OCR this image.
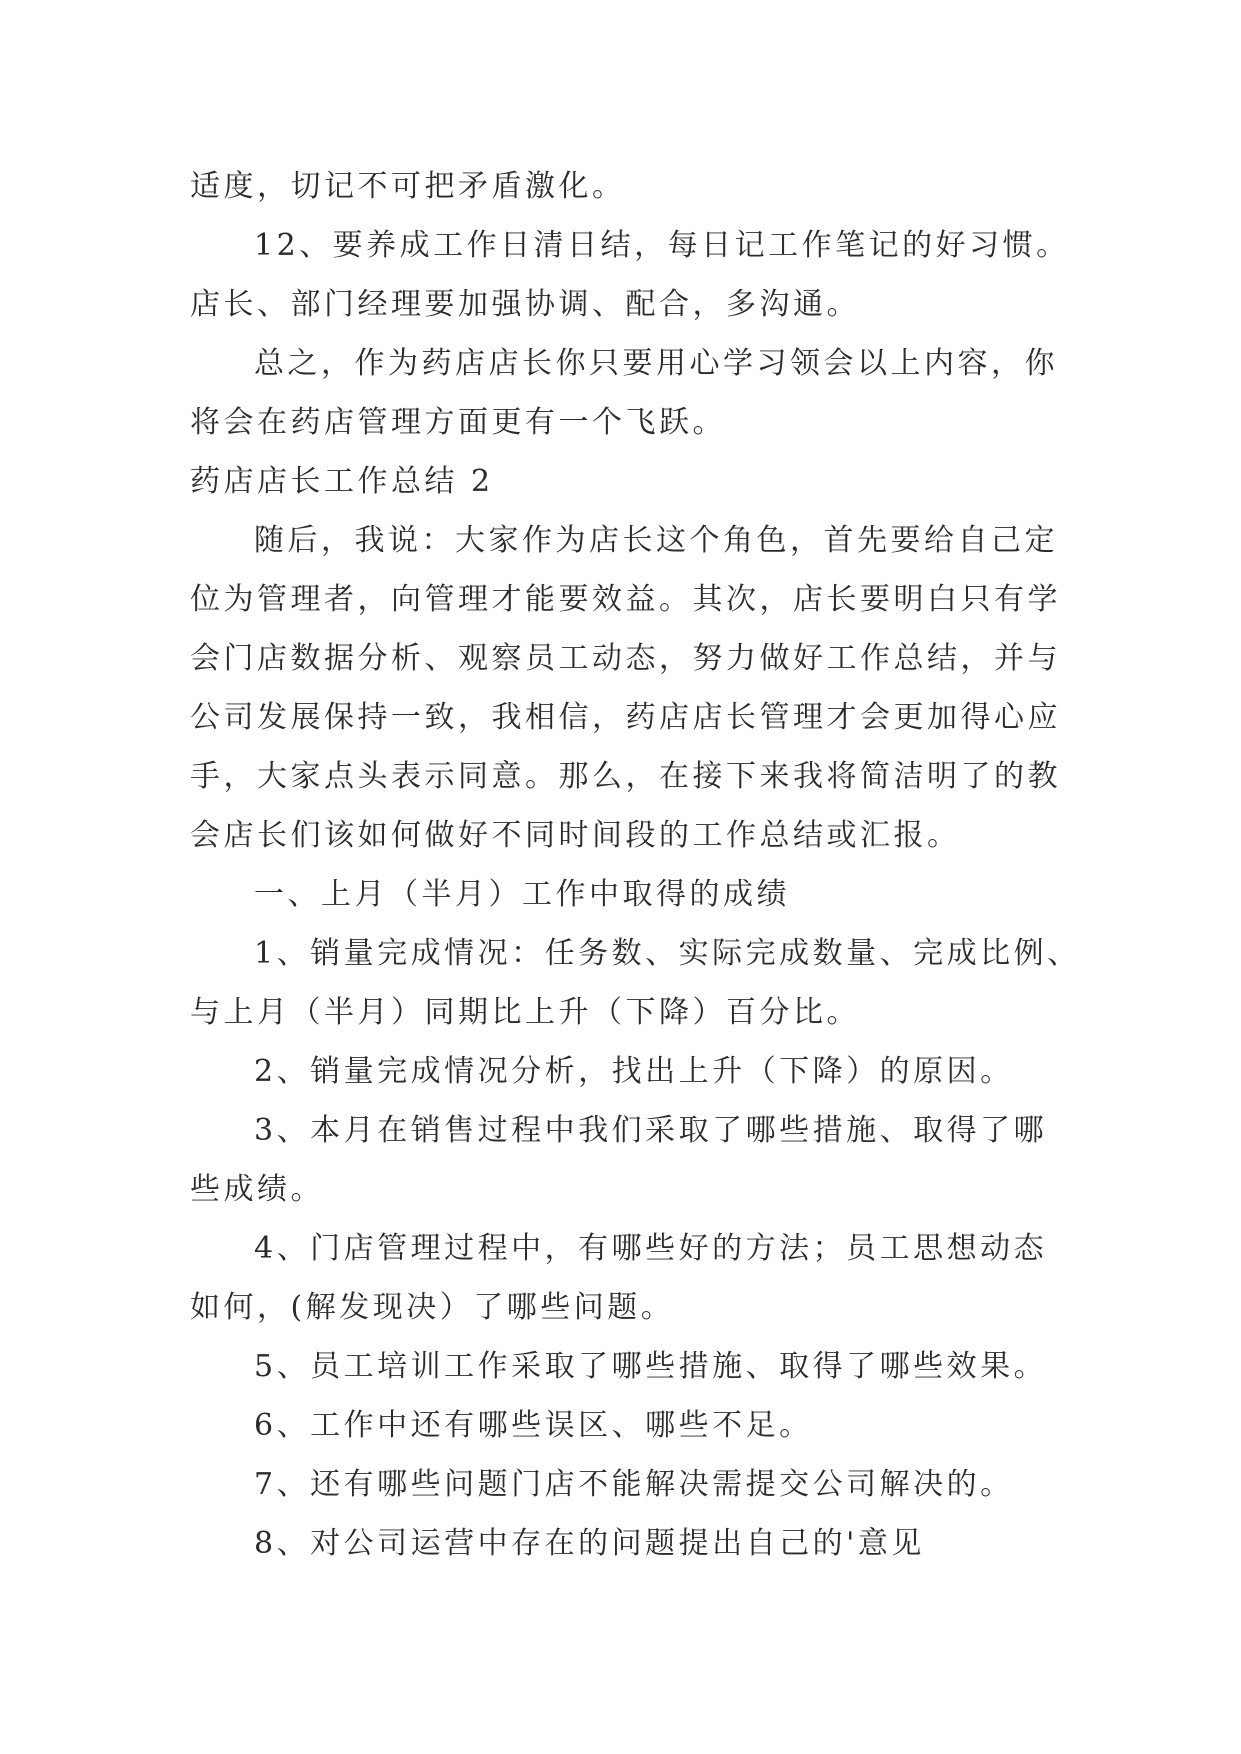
适度，切记不可把矛盾激化。
12、要养成工作日清日结，每日记工作笔记的好习惯。
店长、部门经理要加强协调、配合，多沟通。
总之，作为药店店长你只要用心学习领会以上内容，你
将会在药店管理方面更有一个飞跃。
药店店长工作总结 2
随后，我说：大家作为店长这个角色，首先要给自己定
位为管理者，向管理才能要效益。其次，店长要明白只有学
会门店数据分析、观察员工动态，努力做好工作总结，并与
公司发展保持一致，我相信，药店店长管理才会更加得心应
手，大家点头表示同意。那么，在接下来我将简洁明了的教
会店长们该如何做好不同时间段的工作总结或汇报。
一、上月（半月）工作中取得的成绩
1、销量完成情况：任务数、实际完成数量、完成比例、
与上月（半月）同期比上升（下降）百分比。
2、销量完成情况分析，找出上升（下降）的原因。
3、本月在销售过程中我们采取了哪些措施、取得了哪
些成绩。
4、门店管理过程中，有哪些好的方法；员工思想动态
如何，(解发现决）了哪些问题。
5、员工培训工作采取了哪些措施、取得了哪些效果。
6、工作中还有哪些误区、哪些不足。
7、还有哪些问题门店不能解决需提交公司解决的。
8、对公司运营中存在的问题提出自己的'意见
